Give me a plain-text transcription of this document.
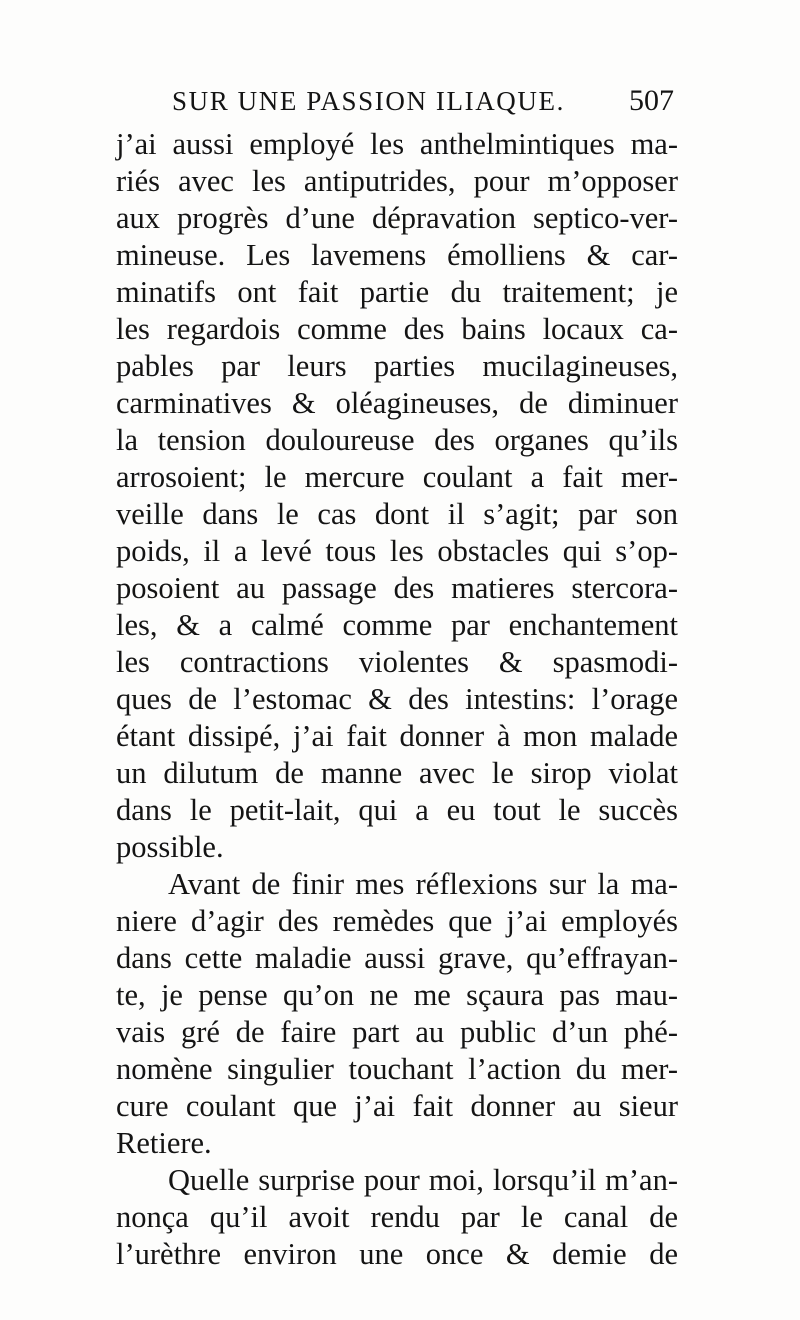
SUR UNE PASSION ILIAQUE. 507
j’ai aussi employé les anthelmintiques ma-
riés avec les antiputrides, pour m’opposer
aux progrès d’une dépravation septico-ver-
mineuse. Les lavemens émolliens & car-
minatifs ont fait partie du traitement; je
les regardois comme des bains locaux ca-
pables par leurs parties mucilagineuses,
carminatives & oléagineuses, de diminuer
la tension douloureuse des organes qu’ils
arrosoient; le mercure coulant a fait mer-
veille dans le cas dont il s’agit; par son
poids, il a levé tous les obstacles qui s’op-
posoient au passage des matieres stercora-
les, & a calmé comme par enchantement
les contractions violentes & spasmodi-
ques de l’estomac & des intestins: l’orage
étant dissipé, j’ai fait donner à mon malade
un dilutum de manne avec le sirop violat
dans le petit-lait, qui a eu tout le succès
possible.
Avant de finir mes réflexions sur la ma-
niere d’agir des remèdes que j’ai employés
dans cette maladie aussi grave, qu’effrayan-
te, je pense qu’on ne me sçaura pas mau-
vais gré de faire part au public d’un phé-
nomène singulier touchant l’action du mer-
cure coulant que j’ai fait donner au sieur
Retiere.
Quelle surprise pour moi, lorsqu’il m’an-
nonça qu’il avoit rendu par le canal de
l’urèthre environ une once & demie de
